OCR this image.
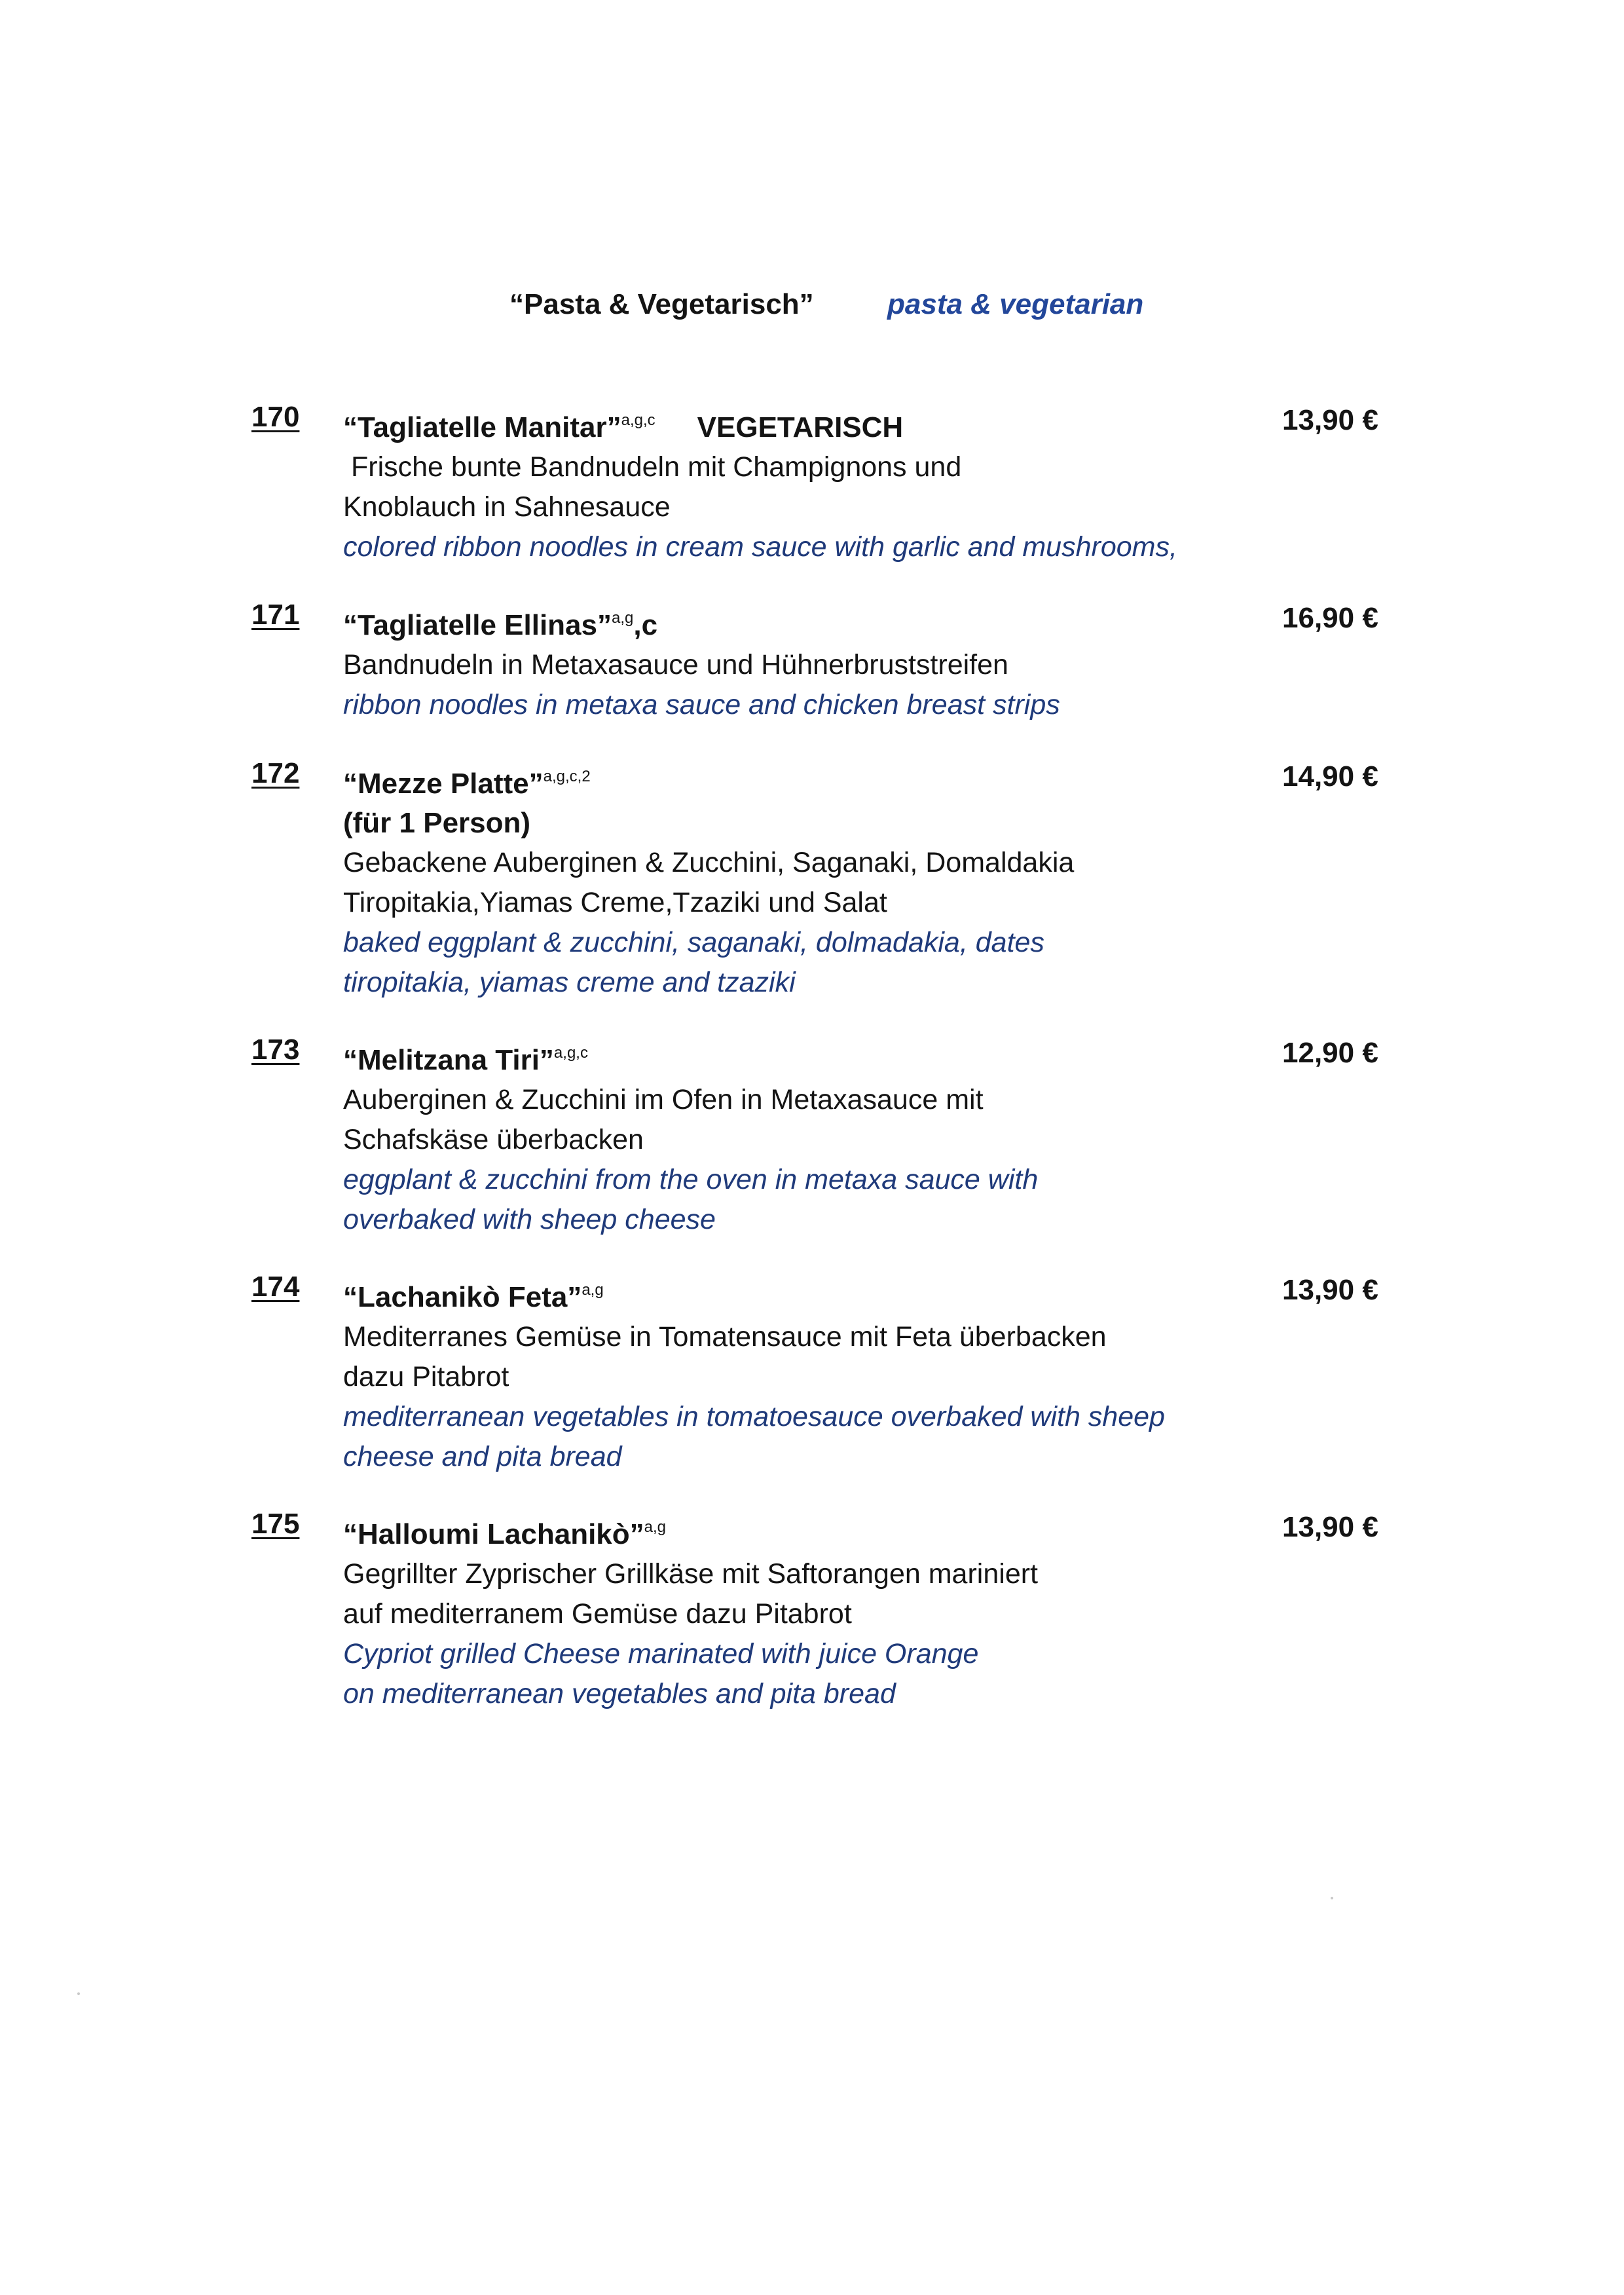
“Pasta & Vegetarisch”	pasta & vegetarian
170 “Tagliatelle Manitar”$^{a,g,c}$ VEGETARISCH
Frische bunte Bandnudeln mit Champignons und
Knoblauch in Sahnesauce
colored ribbon noodles in cream sauce with garlic and mushrooms,
13,90 €
171 “Tagliatelle Ellinas”$^{a,g}$,c
Bandnudeln in Metaxasauce und Hühnerbruststreifen
ribbon noodles in metaxa sauce and chicken breast strips
16,90 €
172 “Mezze Platte”$^{a,g,c,2}$
(für 1 Person)
Gebackene Auberginen & Zucchini, Saganaki, Domaldakia
Tiropitakia,Yiamas Creme,Tzaziki und Salat
baked eggplant & zucchini, saganaki, dolmadakia, dates
tiropitakia, yiamas creme and tzaziki
14,90 €
173 “Melitzana Tiri”$^{a,g,c}$
Auberginen & Zucchini im Ofen in Metaxasauce mit
Schafskäse überbacken
eggplant & zucchini from the oven in metaxa sauce with
overbaked with sheep cheese
12,90 €
174 “Lachanikò Feta”$^{a,g}$
Mediterranes Gemüse in Tomatensauce mit Feta überbacken
dazu Pitabrot
mediterranean vegetables in tomatoesauce overbaked with sheep
cheese and pita bread
13,90 €
175 “Halloumi Lachanikò”$^{a,g}$
Gegrillter Zyprischer Grillkäse mit Saftorangen mariniert
auf mediterranem Gemüse dazu Pitabrot
Cypriot grilled Cheese marinated with juice Orange
on mediterranean vegetables and pita bread
13,90 €
